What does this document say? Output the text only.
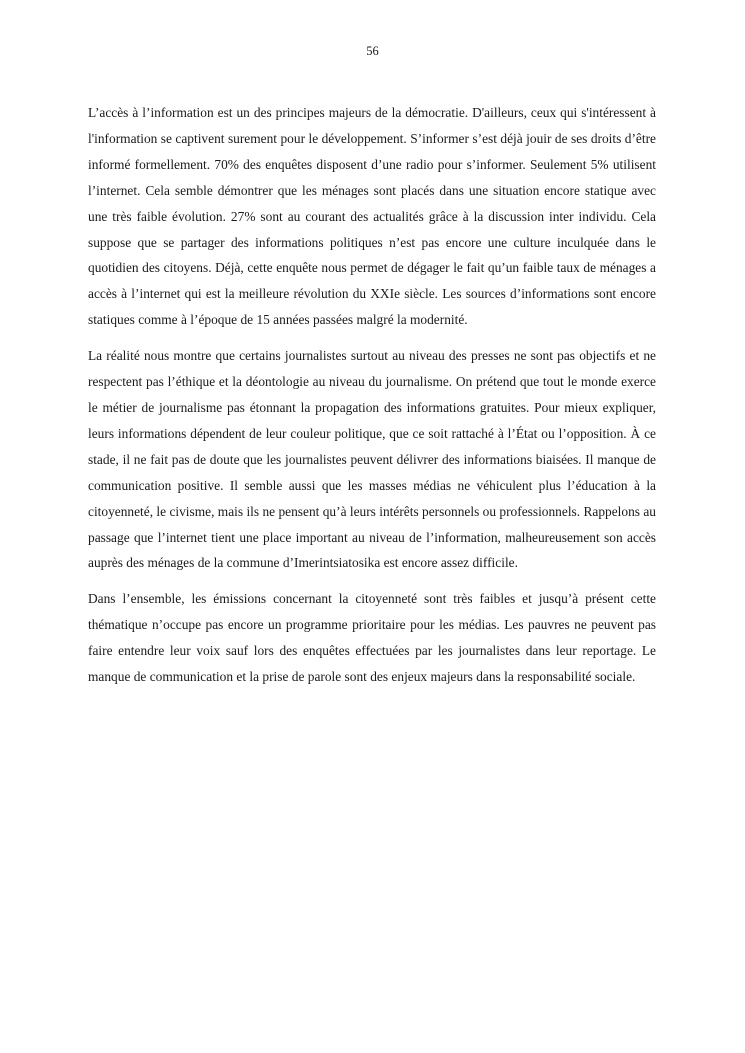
56

L’accès à l’information est un des principes majeurs de la démocratie. D'ailleurs, ceux qui s'intéressent à l'information se captivent surement pour le développement. S’informer s’est déjà jouir de ses droits d’être informé formellement. 70% des enquêtes disposent d’une radio pour s’informer. Seulement 5% utilisent l’internet. Cela semble démontrer que les ménages sont placés dans une situation encore statique avec une très faible évolution. 27% sont au courant des actualités grâce à la discussion inter individu. Cela suppose que se partager des informations politiques n’est pas encore une culture inculquée dans le quotidien des citoyens. Déjà, cette enquête nous permet de dégager le fait qu’un faible taux de ménages a accès à l’internet qui est la meilleure révolution du XXIe siècle. Les sources d’informations sont encore statiques comme à l’époque de 15 années passées malgré la modernité.

La réalité nous montre que certains journalistes surtout au niveau des presses ne sont pas objectifs et ne respectent pas l’éthique et la déontologie au niveau du journalisme. On prétend que tout le monde exerce le métier de journalisme pas étonnant la propagation des informations gratuites. Pour mieux expliquer, leurs informations dépendent de leur couleur politique, que ce soit rattaché à l’État ou l’opposition. À ce stade, il ne fait pas de doute que les journalistes peuvent délivrer des informations biaisées. Il manque de communication positive. Il semble aussi que les masses médias ne véhiculent plus l’éducation à la citoyenneté, le civisme, mais ils ne pensent qu’à leurs intérêts personnels ou professionnels. Rappelons au passage que l’internet tient une place important au niveau de l’information, malheureusement son accès auprès des ménages de la commune d’Imerintsiatosika est encore assez difficile.

Dans l’ensemble, les émissions concernant la citoyenneté sont très faibles et jusqu’à présent cette thématique n’occupe pas encore un programme prioritaire pour les médias. Les pauvres ne peuvent pas faire entendre leur voix sauf lors des enquêtes effectuées par les journalistes dans leur reportage. Le manque de communication et la prise de parole sont des enjeux majeurs dans la responsabilité sociale.
